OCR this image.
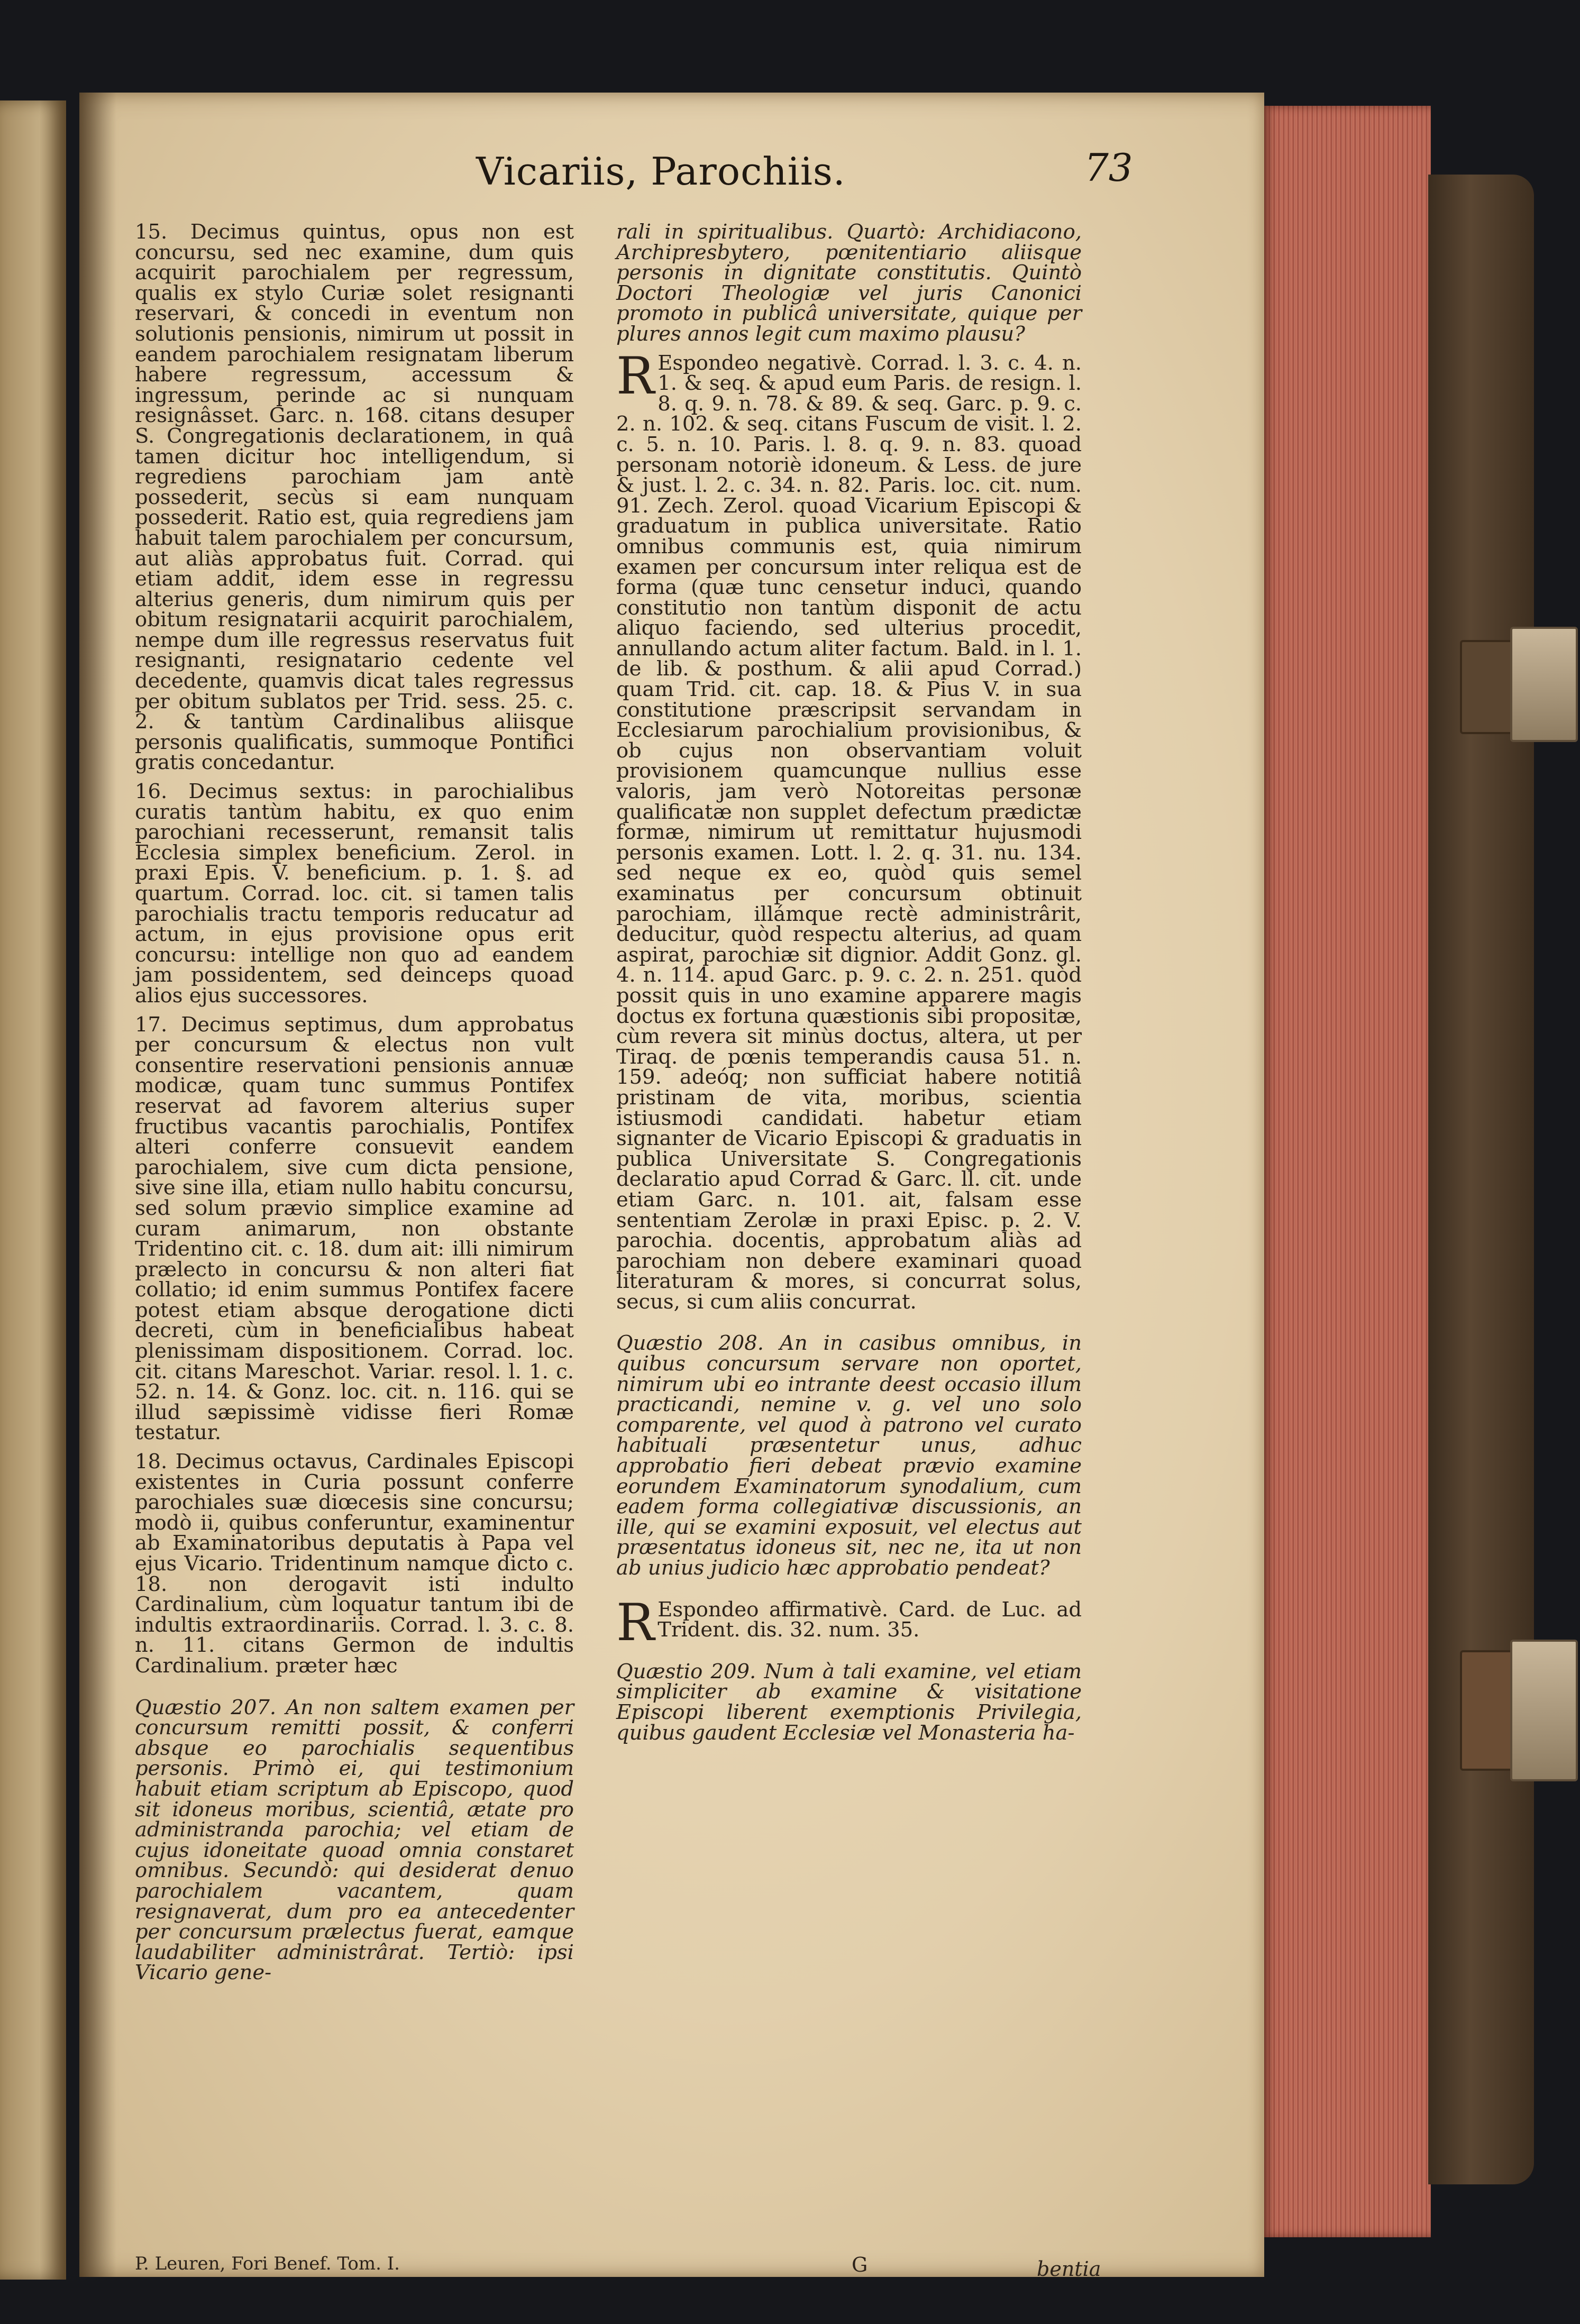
Vicariis, Parochiis.	73

15. Decimus quintus, opus non est concursu, sed nec examine, dum quis acquirit parochialem per regressum, qualis ex stylo Curiæ solet resignanti reservari, & concedi in eventum non solutionis pensionis, nimirum ut possit in eandem parochialem resignatam liberum habere regressum, accessum & ingressum, perinde ac si nunquam resignâsset. Garc. n. 168. citans desuper S. Congregationis declarationem, in quâ tamen dicitur hoc intelligendum, si regrediens parochiam jam antè possederit, secùs si eam nunquam possederit. Ratio est, quia regrediens jam habuit talem parochialem per concursum, aut aliàs approbatus fuit. Corrad. qui etiam addit, idem esse in regressu alterius generis, dum nimirum quis per obitum resignatarii acquirit parochialem, nempe dum ille regressus reservatus fuit resignanti, resignatario cedente vel decedente, quamvis dicat tales regressus per obitum sublatos per Trid. sess. 25. c. 2. & tantùm Cardinalibus aliisque personis qualificatis, summoque Pontifici gratis concedantur.

16. Decimus sextus: in parochialibus curatis tantùm habitu, ex quo enim parochiani recesserunt, remansit talis Ecclesia simplex beneficium. Zerol. in praxi Epis. V. beneficium. p. 1. §. ad quartum. Corrad. loc. cit. si tamen talis parochialis tractu temporis reducatur ad actum, in ejus provisione opus erit concursu: intellige non quo ad eandem jam possidentem, sed deinceps quoad alios ejus successores.

17. Decimus septimus, dum approbatus per concursum & electus non vult consentire reservationi pensionis annuæ modicæ, quam tunc summus Pontifex reservat ad favorem alterius super fructibus vacantis parochialis, Pontifex alteri conferre consuevit eandem parochialem, sive cum dicta pensione, sive sine illa, etiam nullo habitu concursu, sed solum prævio simplice examine ad curam animarum, non obstante Tridentino cit. c. 18. dum ait: illi nimirum prælecto in concursu & non alteri fiat collatio; id enim summus Pontifex facere potest etiam absque derogatione dicti decreti, cùm in beneficialibus habeat plenissimam dispositionem. Corrad. loc. cit. citans Mareschot. Variar. resol. l. 1. c. 52. n. 14. & Gonz. loc. cit. n. 116. qui se illud sæpissimè vidisse fieri Romæ testatur.

18. Decimus octavus, Cardinales Episcopi existentes in Curia possunt conferre parochiales suæ diœcesis sine concursu; modò ii, quibus conferuntur, examinentur ab Examinatoribus deputatis à Papa vel ejus Vicario. Tridentinum namque dicto c. 18. non derogavit isti indulto Cardinalium, cùm loquatur tantum ibi de indultis extraordinariis. Corrad. l. 3. c. 8. n. 11. citans Germon de indultis Cardinalium. præter hæc

Quæstio 207. An non saltem examen per concursum remitti possit, & conferri absque eo parochialis sequentibus personis. Primò ei, qui testimonium habuit etiam scriptum ab Episcopo, quod sit idoneus moribus, scientiâ, ætate pro administranda parochia; vel etiam de cujus idoneitate quoad omnia constaret omnibus. Secundò: qui desiderat denuo parochialem vacantem, quam resignaverat, dum pro ea antecedenter per concursum prælectus fuerat, eamque laudabiliter administrârat. Tertiò: ipsi Vicario gene-

rali in spiritualibus. Quartò: Archidiacono, Archipresbytero, pœnitentiario aliisque personis in dignitate constitutis. Quintò Doctori Theologiæ vel juris Canonici promoto in publicâ universitate, quique per plures annos legit cum maximo plausu?

R Espondeo negativè. Corrad. l. 3. c. 4. n. 1. & seq. & apud eum Paris. de resign. l. 8. q. 9. n. 78. & 89. & seq. Garc. p. 9. c. 2. n. 102. & seq. citans Fuscum de visit. l. 2. c. 5. n. 10. Paris. l. 8. q. 9. n. 83. quoad personam notoriè idoneum. & Less. de jure & just. l. 2. c. 34. n. 82. Paris. loc. cit. num. 91. Zech. Zerol. quoad Vicarium Episcopi & graduatum in publica universitate. Ratio omnibus communis est, quia nimirum examen per concursum inter reliqua est de forma (quæ tunc censetur induci, quando constitutio non tantùm disponit de actu aliquo faciendo, sed ulterius procedit, annullando actum aliter factum. Bald. in l. 1. de lib. & posthum. & alii apud Corrad.) quam Trid. cit. cap. 18. & Pius V. in sua constitutione præscripsit servandam in Ecclesiarum parochialium provisionibus, & ob cujus non observantiam voluit provisionem quamcunque nullius esse valoris, jam verò Notoreitas personæ qualificatæ non supplet defectum prædictæ formæ, nimirum ut remittatur hujusmodi personis examen. Lott. l. 2. q. 31. nu. 134. sed neque ex eo, quòd quis semel examinatus per concursum obtinuit parochiam, illámque rectè administrârit, deducitur, quòd respectu alterius, ad quam aspirat, parochiæ sit dignior. Addit Gonz. gl. 4. n. 114. apud Garc. p. 9. c. 2. n. 251. quòd possit quis in uno examine apparere magis doctus ex fortuna quæstionis sibi propositæ, cùm revera sit minùs doctus, altera, ut per Tiraq. de pœnis temperandis causa 51. n. 159. adeóq; non sufficiat habere notitiâ pristinam de vita, moribus, scientia istiusmodi candidati. habetur etiam signanter de Vicario Episcopi & graduatis in publica Universitate S. Congregationis declaratio apud Corrad & Garc. ll. cit. unde etiam Garc. n. 101. ait, falsam esse sententiam Zerolæ in praxi Episc. p. 2. V. parochia. docentis, approbatum aliàs ad parochiam non debere examinari quoad literaturam & mores, si concurrat solus, secus, si cum aliis concurrat.

Quæstio 208. An in casibus omnibus, in quibus concursum servare non oportet, nimirum ubi eo intrante deest occasio illum practicandi, nemine v. g. vel uno solo comparente, vel quod à patrono vel curato habituali præsentetur unus, adhuc approbatio fieri debeat prævio examine eorundem Examinatorum synodalium, cum eadem forma collegiativæ discussionis, an ille, qui se examini exposuit, vel electus aut præsentatus idoneus sit, nec ne, ita ut non ab unius judicio hæc approbatio pendeat?

R Espondeo affirmativè. Card. de Luc. ad Trident. dis. 32. num. 35.

Quæstio 209. Num à tali examine, vel etiam simpliciter ab examine & visitatione Episcopi liberent exemptionis Privilegia, quibus gaudent Ecclesiæ vel Monasteria ha-

P. Leuren, Fori Benef. Tom. I.	G	bentia
